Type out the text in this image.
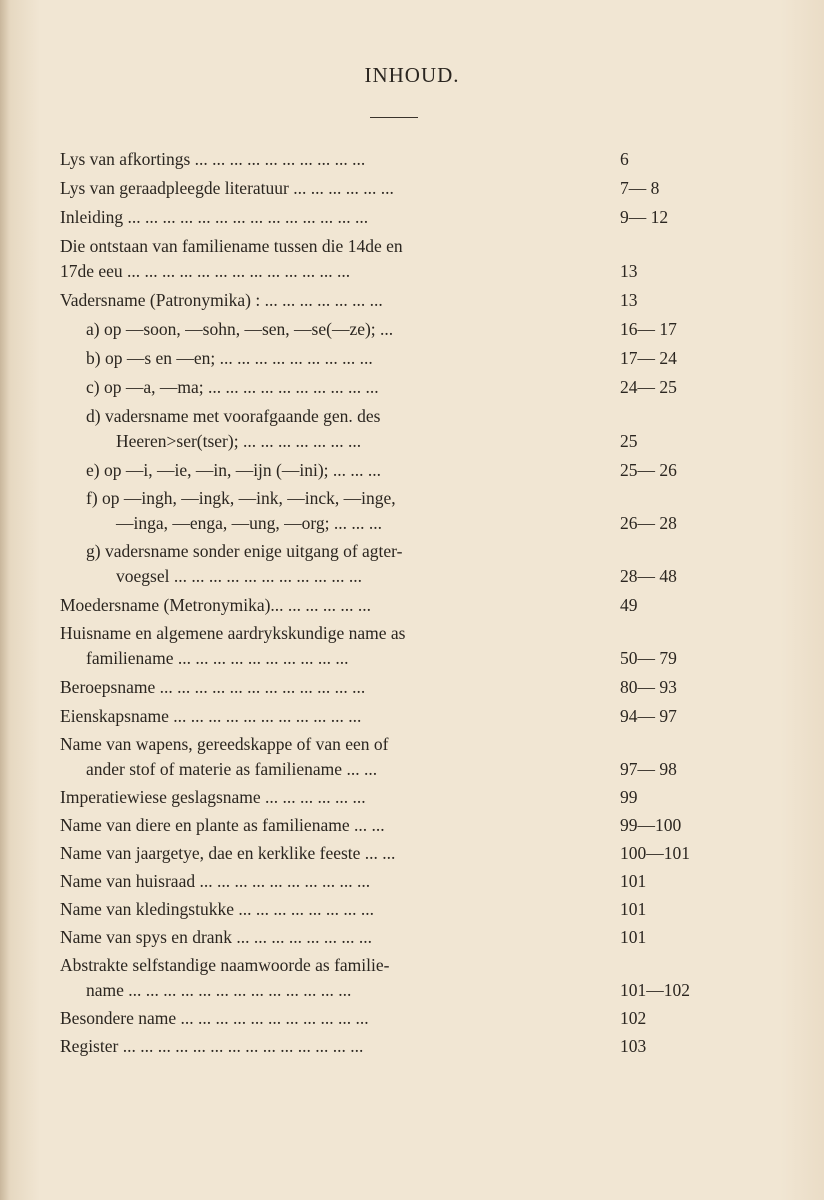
INHOUD.
Lys van afkortings ... ... ... ... ... ... ... ... ... ...	6
Lys van geraadpleegde literatuur ... ... ... ... ... ...	7— 8
Inleiding ... ... ... ... ... ... ... ... ... ... ... ... ... ...	9— 12
Die ontstaan van familiename tussen die 14de en
17de eeu ... ... ... ... ... ... ... ... ... ... ... ... ...	13
Vadersname (Patronymika) : ... ... ... ... ... ... ...	13
a) op —soon, —sohn, —sen, —se(—ze); ...	16— 17
b) op —s en —en; ... ... ... ... ... ... ... ... ...	17— 24
c) op —a, —ma; ... ... ... ... ... ... ... ... ... ...	24— 25
d) vadersname met voorafgaande gen. des
Heeren>ser(tser); ... ... ... ... ... ... ...	25
e) op —i, —ie, —in, —ijn (—ini); ... ... ...	25— 26
f) op —ingh, —ingk, —ink, —inck, —inge,
—inga, —enga, —ung, —org; ... ... ...	26— 28
g) vadersname sonder enige uitgang of agter-
voegsel ... ... ... ... ... ... ... ... ... ... ...	28— 48
Moedersname (Metronymika)... ... ... ... ... ...	49
Huisname en algemene aardrykskundige name as
familiename ... ... ... ... ... ... ... ... ... ...	50— 79
Beroepsname ... ... ... ... ... ... ... ... ... ... ... ...	80— 93
Eienskapsname ... ... ... ... ... ... ... ... ... ... ...	94— 97
Name van wapens, gereedskappe of van een of
ander stof of materie as familiename ... ...	97— 98
Imperatiewiese geslagsname ... ... ... ... ... ...	99
Name van diere en plante as familiename ... ...	99—100
Name van jaargetye, dae en kerklike feeste ... ...	100—101
Name van huisraad ... ... ... ... ... ... ... ... ... ...	101
Name van kledingstukke ... ... ... ... ... ... ... ...	101
Name van spys en drank ... ... ... ... ... ... ... ...	101
Abstrakte selfstandige naamwoorde as familie-
name ... ... ... ... ... ... ... ... ... ... ... ... ...	101—102
Besondere name ... ... ... ... ... ... ... ... ... ... ...	102
Register ... ... ... ... ... ... ... ... ... ... ... ... ... ...	103
